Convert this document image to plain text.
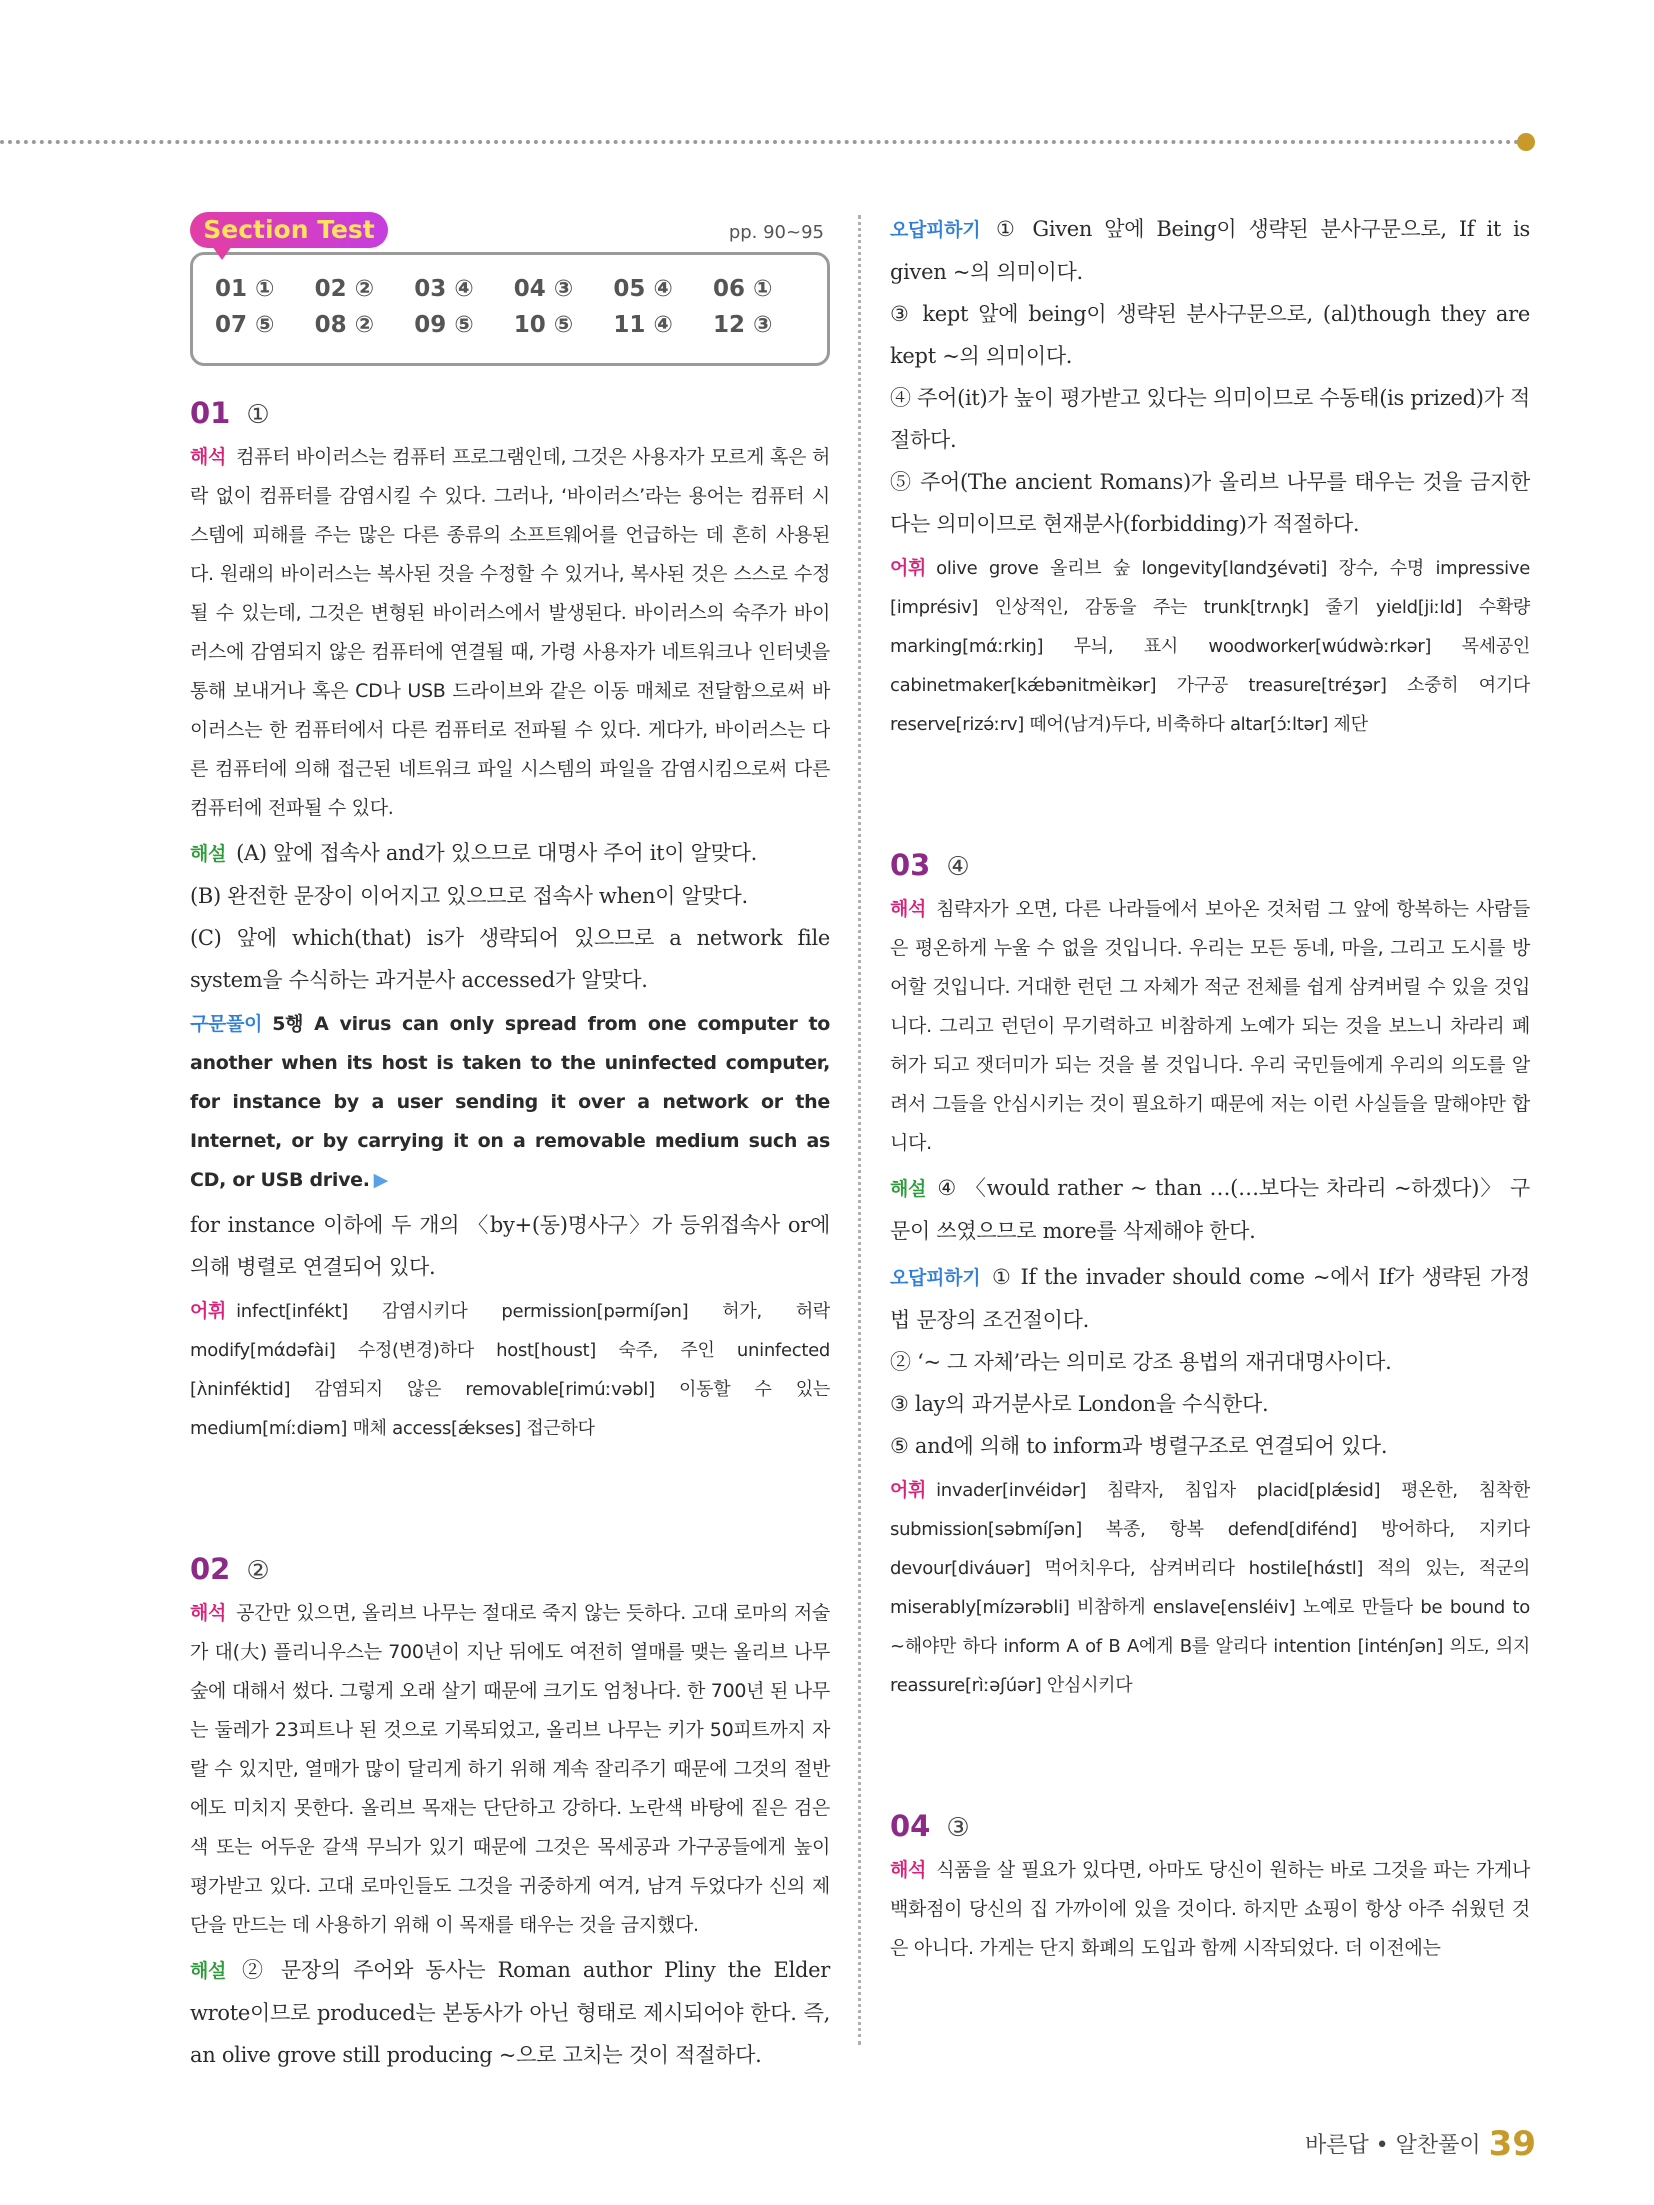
Section Test	pp. 90~95
01 ①	02 ②	03 ④	04 ③	05 ④	06 ①
07 ⑤	08 ②	09 ⑤	10 ⑤	11 ④	12 ③
01 ①

해석 컴퓨터 바이러스는 컴퓨터 프로그램인데, 그것은 사용자가 모르게 혹은 허락 없이 컴퓨터를 감염시킬 수 있다. 그러나, ‘바이러스’라는 용어는 컴퓨터 시스템에 피해를 주는 많은 다른 종류의 소프트웨어를 언급하는 데 흔히 사용된다. 원래의 바이러스는 복사된 것을 수정할 수 있거나, 복사된 것은 스스로 수정될 수 있는데, 그것은 변형된 바이러스에서 발생된다. 바이러스의 숙주가 바이러스에 감염되지 않은 컴퓨터에 연결될 때, 가령 사용자가 네트워크나 인터넷을 통해 보내거나 혹은 CD나 USB 드라이브와 같은 이동 매체로 전달함으로써 바이러스는 한 컴퓨터에서 다른 컴퓨터로 전파될 수 있다. 게다가, 바이러스는 다른 컴퓨터에 의해 접근된 네트워크 파일 시스템의 파일을 감염시킴으로써 다른 컴퓨터에 전파될 수 있다.

해설 (A) 앞에 접속사 and가 있으므로 대명사 주어 it이 알맞다.
(B) 완전한 문장이 이어지고 있으므로 접속사 when이 알맞다.
(C) 앞에 which(that) is가 생략되어 있으므로 a network file system을 수식하는 과거분사 accessed가 알맞다.

구문풀이 5행 A virus can only spread from one computer to another when its host is taken to the uninfected computer, for instance by a user sending it over a network or the Internet, or by carrying it on a removable medium such as CD, or USB drive. ▶

for instance 이하에 두 개의 〈by+(동)명사구〉가 등위접속사 or에 의해 병렬로 연결되어 있다.

어휘 infect[infékt] 감염시키다 permission[pərmíʃən] 허가, 허락 modify[mάdəfài] 수정(변경)하다 host[houst] 숙주, 주인 uninfected [ʌ̀ninféktid] 감염되지 않은 removable[rimúːvəbl] 이동할 수 있는 medium[míːdiəm] 매체 access[ǽkses] 접근하다

02 ②

해석 공간만 있으면, 올리브 나무는 절대로 죽지 않는 듯하다. 고대 로마의 저술가 대(大) 플리니우스는 700년이 지난 뒤에도 여전히 열매를 맺는 올리브 나무 숲에 대해서 썼다. 그렇게 오래 살기 때문에 크기도 엄청나다. 한 700년 된 나무는 둘레가 23피트나 된 것으로 기록되었고, 올리브 나무는 키가 50피트까지 자랄 수 있지만, 열매가 많이 달리게 하기 위해 계속 잘리주기 때문에 그것의 절반에도 미치지 못한다. 올리브 목재는 단단하고 강하다. 노란색 바탕에 짙은 검은색 또는 어두운 갈색 무늬가 있기 때문에 그것은 목세공과 가구공들에게 높이 평가받고 있다. 고대 로마인들도 그것을 귀중하게 여겨, 남겨 두었다가 신의 제단을 만드는 데 사용하기 위해 이 목재를 태우는 것을 금지했다.

해설 ② 문장의 주어와 동사는 Roman author Pliny the Elder wrote이므로 produced는 본동사가 아닌 형태로 제시되어야 한다. 즉, an olive grove still producing ~으로 고치는 것이 적절하다.

오답피하기 ① Given 앞에 Being이 생략된 분사구문으로, If it is given ~의 의미이다.
③ kept 앞에 being이 생략된 분사구문으로, (al)though they are kept ~의 의미이다.
④ 주어(it)가 높이 평가받고 있다는 의미이므로 수동태(is prized)가 적절하다.
⑤ 주어(The ancient Romans)가 올리브 나무를 태우는 것을 금지한다는 의미이므로 현재분사(forbidding)가 적절하다.

어휘 olive grove 올리브 숲 longevity[lɑndʒévəti] 장수, 수명 impressive [imprésiv] 인상적인, 감동을 주는 trunk[trʌŋk] 줄기 yield[jiːld] 수확량 marking[mάːrkiŋ] 무늬, 표시 woodworker[wúdwə̀ːrkər] 목세공인 cabinetmaker[kǽbənitmèikər] 가구공 treasure[tréʒər] 소중히 여기다 reserve[rizə́ːrv] 떼어(남겨)두다, 비축하다 altar[ɔ́ːltər] 제단

03 ④

해석 침략자가 오면, 다른 나라들에서 보아온 것처럼 그 앞에 항복하는 사람들은 평온하게 누울 수 없을 것입니다. 우리는 모든 동네, 마을, 그리고 도시를 방어할 것입니다. 거대한 런던 그 자체가 적군 전체를 쉽게 삼켜버릴 수 있을 것입니다. 그리고 런던이 무기력하고 비참하게 노예가 되는 것을 보느니 차라리 폐허가 되고 잿더미가 되는 것을 볼 것입니다. 우리 국민들에게 우리의 의도를 알려서 그들을 안심시키는 것이 필요하기 때문에 저는 이런 사실들을 말해야만 합니다.

해설 ④ 〈would rather ~ than …(…보다는 차라리 ~하겠다)〉 구문이 쓰였으므로 more를 삭제해야 한다.

오답피하기 ① If the invader should come ~에서 If가 생략된 가정법 문장의 조건절이다.
② ‘~ 그 자체’라는 의미로 강조 용법의 재귀대명사이다.
③ lay의 과거분사로 London을 수식한다.
⑤ and에 의해 to inform과 병렬구조로 연결되어 있다.

어휘 invader[invéidər] 침략자, 침입자 placid[plǽsid] 평온한, 침착한 submission[səbmíʃən] 복종, 항복 defend[difénd] 방어하다, 지키다 devour[diváuər] 먹어치우다, 삼켜버리다 hostile[hάstl] 적의 있는, 적군의 miserably[mízərəbli] 비참하게 enslave[ensléiv] 노예로 만들다 be bound to ~해야만 하다 inform A of B A에게 B를 알리다 intention [inténʃən] 의도, 의지 reassure[rìːəʃúər] 안심시키다

04 ③

해석 식품을 살 필요가 있다면, 아마도 당신이 원하는 바로 그것을 파는 가게나 백화점이 당신의 집 가까이에 있을 것이다. 하지만 쇼핑이 항상 아주 쉬웠던 것은 아니다. 가게는 단지 화폐의 도입과 함께 시작되었다. 더 이전에는

바른답 • 알찬풀이 39
